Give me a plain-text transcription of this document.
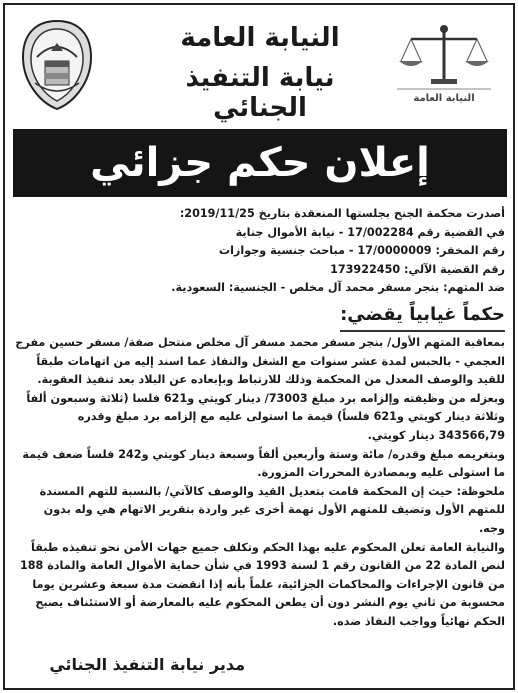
النيابة العامة
نيابة التنفيذ الجنائي	النيابة العامة
إعلان حكم جزائي

أصدرت محكمة الجنح بجلستها المنعقدة بتاريخ 2019/11/25:

في القضية رقم 17/002284 - نيابة الأموال جناية

رقم المخفر: 17/0000009 - مباحث جنسية وجوازات

رقم القضية الآلي: 173922450

ضد المتهم: بنجر مسفر محمد آل مخلص - الجنسية: السعودية.

حكماً غيابياً يقضي:

بمعاقبة المتهم الأول/ بنجر مسفر محمد مسفر آل مخلص منتحل صفة/ مسفر حسين مفرج العجمي - بالحبس لمدة عشر سنوات مع الشغل والنفاذ عما اسند إليه من اتهامات طبقاً للقيد والوصف المعدل من المحكمة وذلك للارتباط وبإبعاده عن البلاد بعد تنفيذ العقوبة.

وبعزله من وظيفته وإلزامه برد مبلغ 73003/ دينار كويتي و621 فلسا (ثلاثة وسبعون ألفاً وثلاثة دينار كويتي و621 فلساً) قيمة ما استولى عليه مع إلزامه برد مبلغ وقدره 343566,79 دينار كويتي.

وبتغريمه مبلغ وقدره/ مائة وستة وأربعين ألفاً وسبعة دينار كويتي و242 فلساً ضعف قيمة ما استولى عليه وبمصادرة المحررات المزورة.

ملحوظة: حيث إن المحكمة قامت بتعديل القيد والوصف كالآتي/ بالنسبة للتهم المسندة للمتهم الأول وتضيف للمتهم الأول تهمة أخرى غير واردة بتقرير الاتهام هي وله بدون وجه.

والنيابة العامة تعلن المحكوم عليه بهذا الحكم وتكلف جميع جهات الأمن نحو تنفيذه طبقاً لنص المادة 22 من القانون رقم 1 لسنة 1993 في شأن حماية الأموال العامة والمادة 188 من قانون الإجراءات والمحاكمات الجزائية، علماً بأنه إذا انقضت مدة سبعة وعشرين يوما محسوبة من ثاني يوم النشر دون أن يطعن المحكوم عليه بالمعارضة أو الاستئناف يصبح الحكم نهائياً وواجب النفاذ ضده.

مدير نيابة التنفيذ الجنائي
